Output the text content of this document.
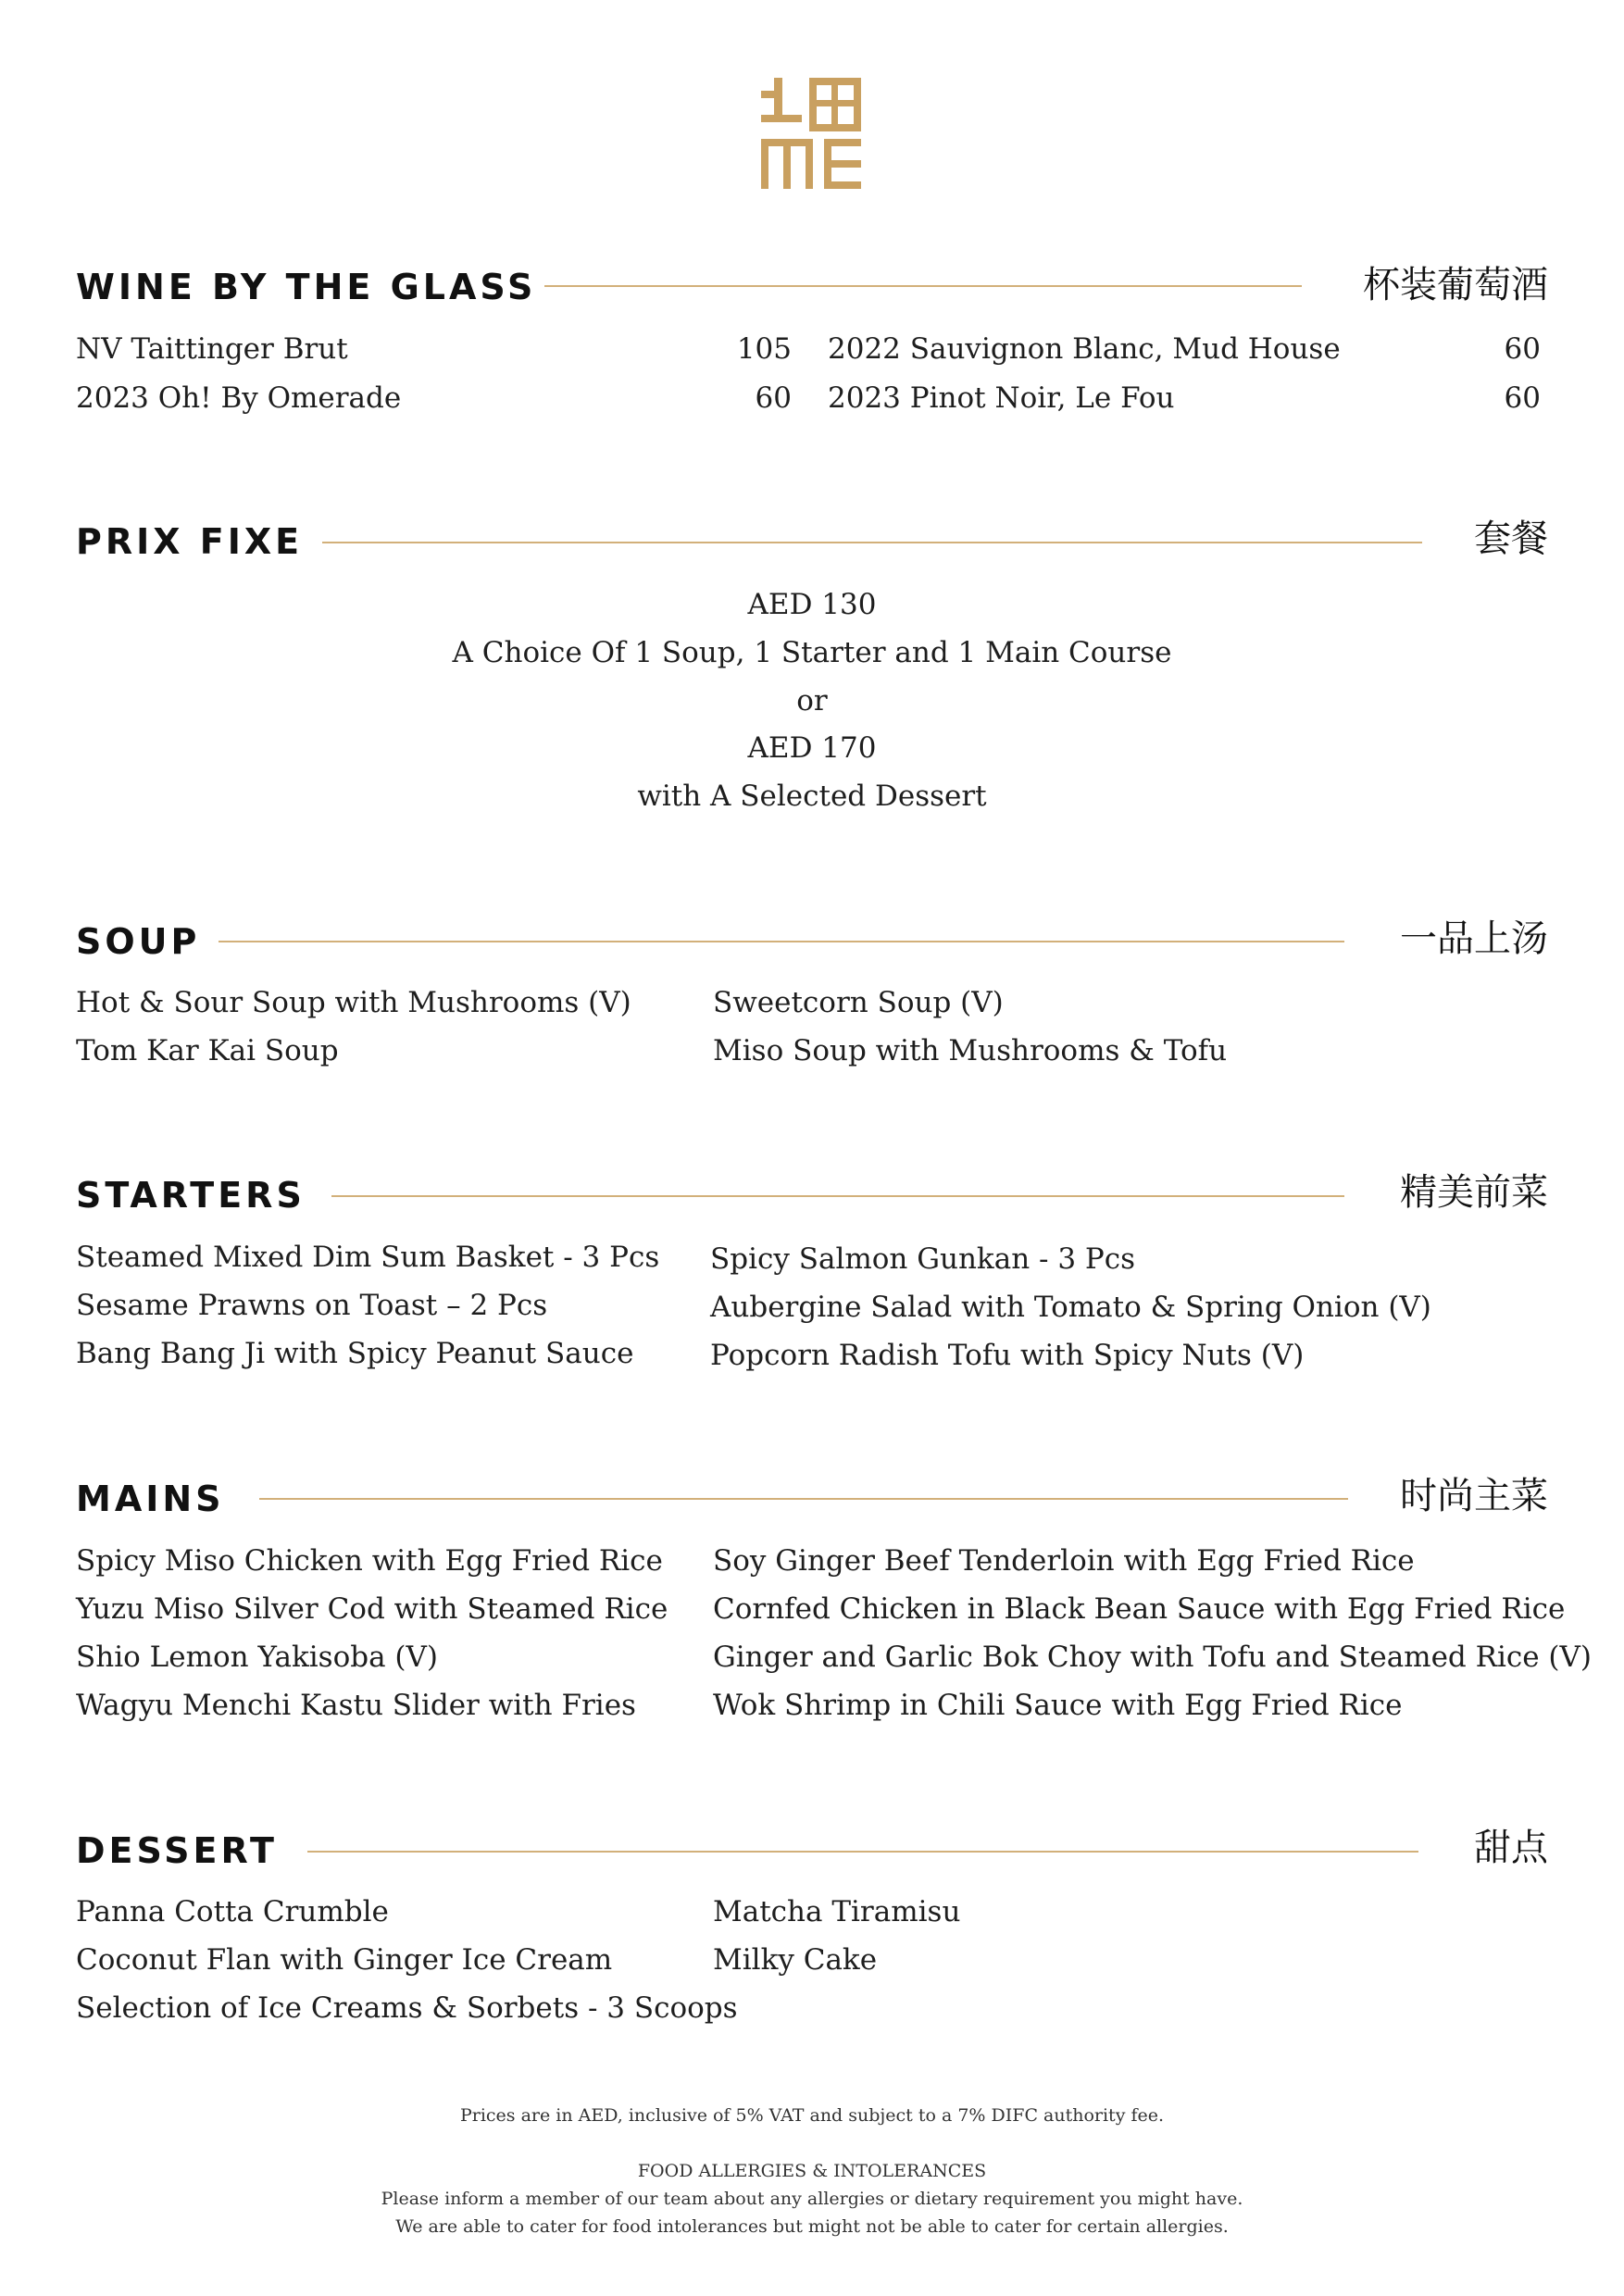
WINE BY THE GLASS	杯装葡萄酒
NV Taittinger Brut	105
2023 Oh! By Omerade	60
2022 Sauvignon Blanc, Mud House	60
2023 Pinot Noir, Le Fou	60
PRIX FIXE	套餐
AED 130
A Choice Of 1 Soup, 1 Starter and 1 Main Course
or
AED 170
with A Selected Dessert
SOUP	一品上汤
Hot & Sour Soup with Mushrooms (V)
Tom Kar Kai Soup
Sweetcorn Soup (V)
Miso Soup with Mushrooms & Tofu
STARTERS	精美前菜
Steamed Mixed Dim Sum Basket - 3 Pcs
Sesame Prawns on Toast – 2 Pcs
Bang Bang Ji with Spicy Peanut Sauce
Spicy Salmon Gunkan - 3 Pcs
Aubergine Salad with Tomato & Spring Onion (V)
Popcorn Radish Tofu with Spicy Nuts (V)
MAINS	时尚主菜
Spicy Miso Chicken with Egg Fried Rice
Yuzu Miso Silver Cod with Steamed Rice
Shio Lemon Yakisoba (V)
Wagyu Menchi Kastu Slider with Fries
Soy Ginger Beef Tenderloin with Egg Fried Rice
Cornfed Chicken in Black Bean Sauce with Egg Fried Rice
Ginger and Garlic Bok Choy with Tofu and Steamed Rice (V)
Wok Shrimp in Chili Sauce with Egg Fried Rice
DESSERT	甜点
Panna Cotta Crumble
Coconut Flan with Ginger Ice Cream
Selection of Ice Creams & Sorbets - 3 Scoops
Matcha Tiramisu
Milky Cake
Prices are in AED, inclusive of 5% VAT and subject to a 7% DIFC authority fee.
FOOD ALLERGIES & INTOLERANCES
Please inform a member of our team about any allergies or dietary requirement you might have.
We are able to cater for food intolerances but might not be able to cater for certain allergies.
